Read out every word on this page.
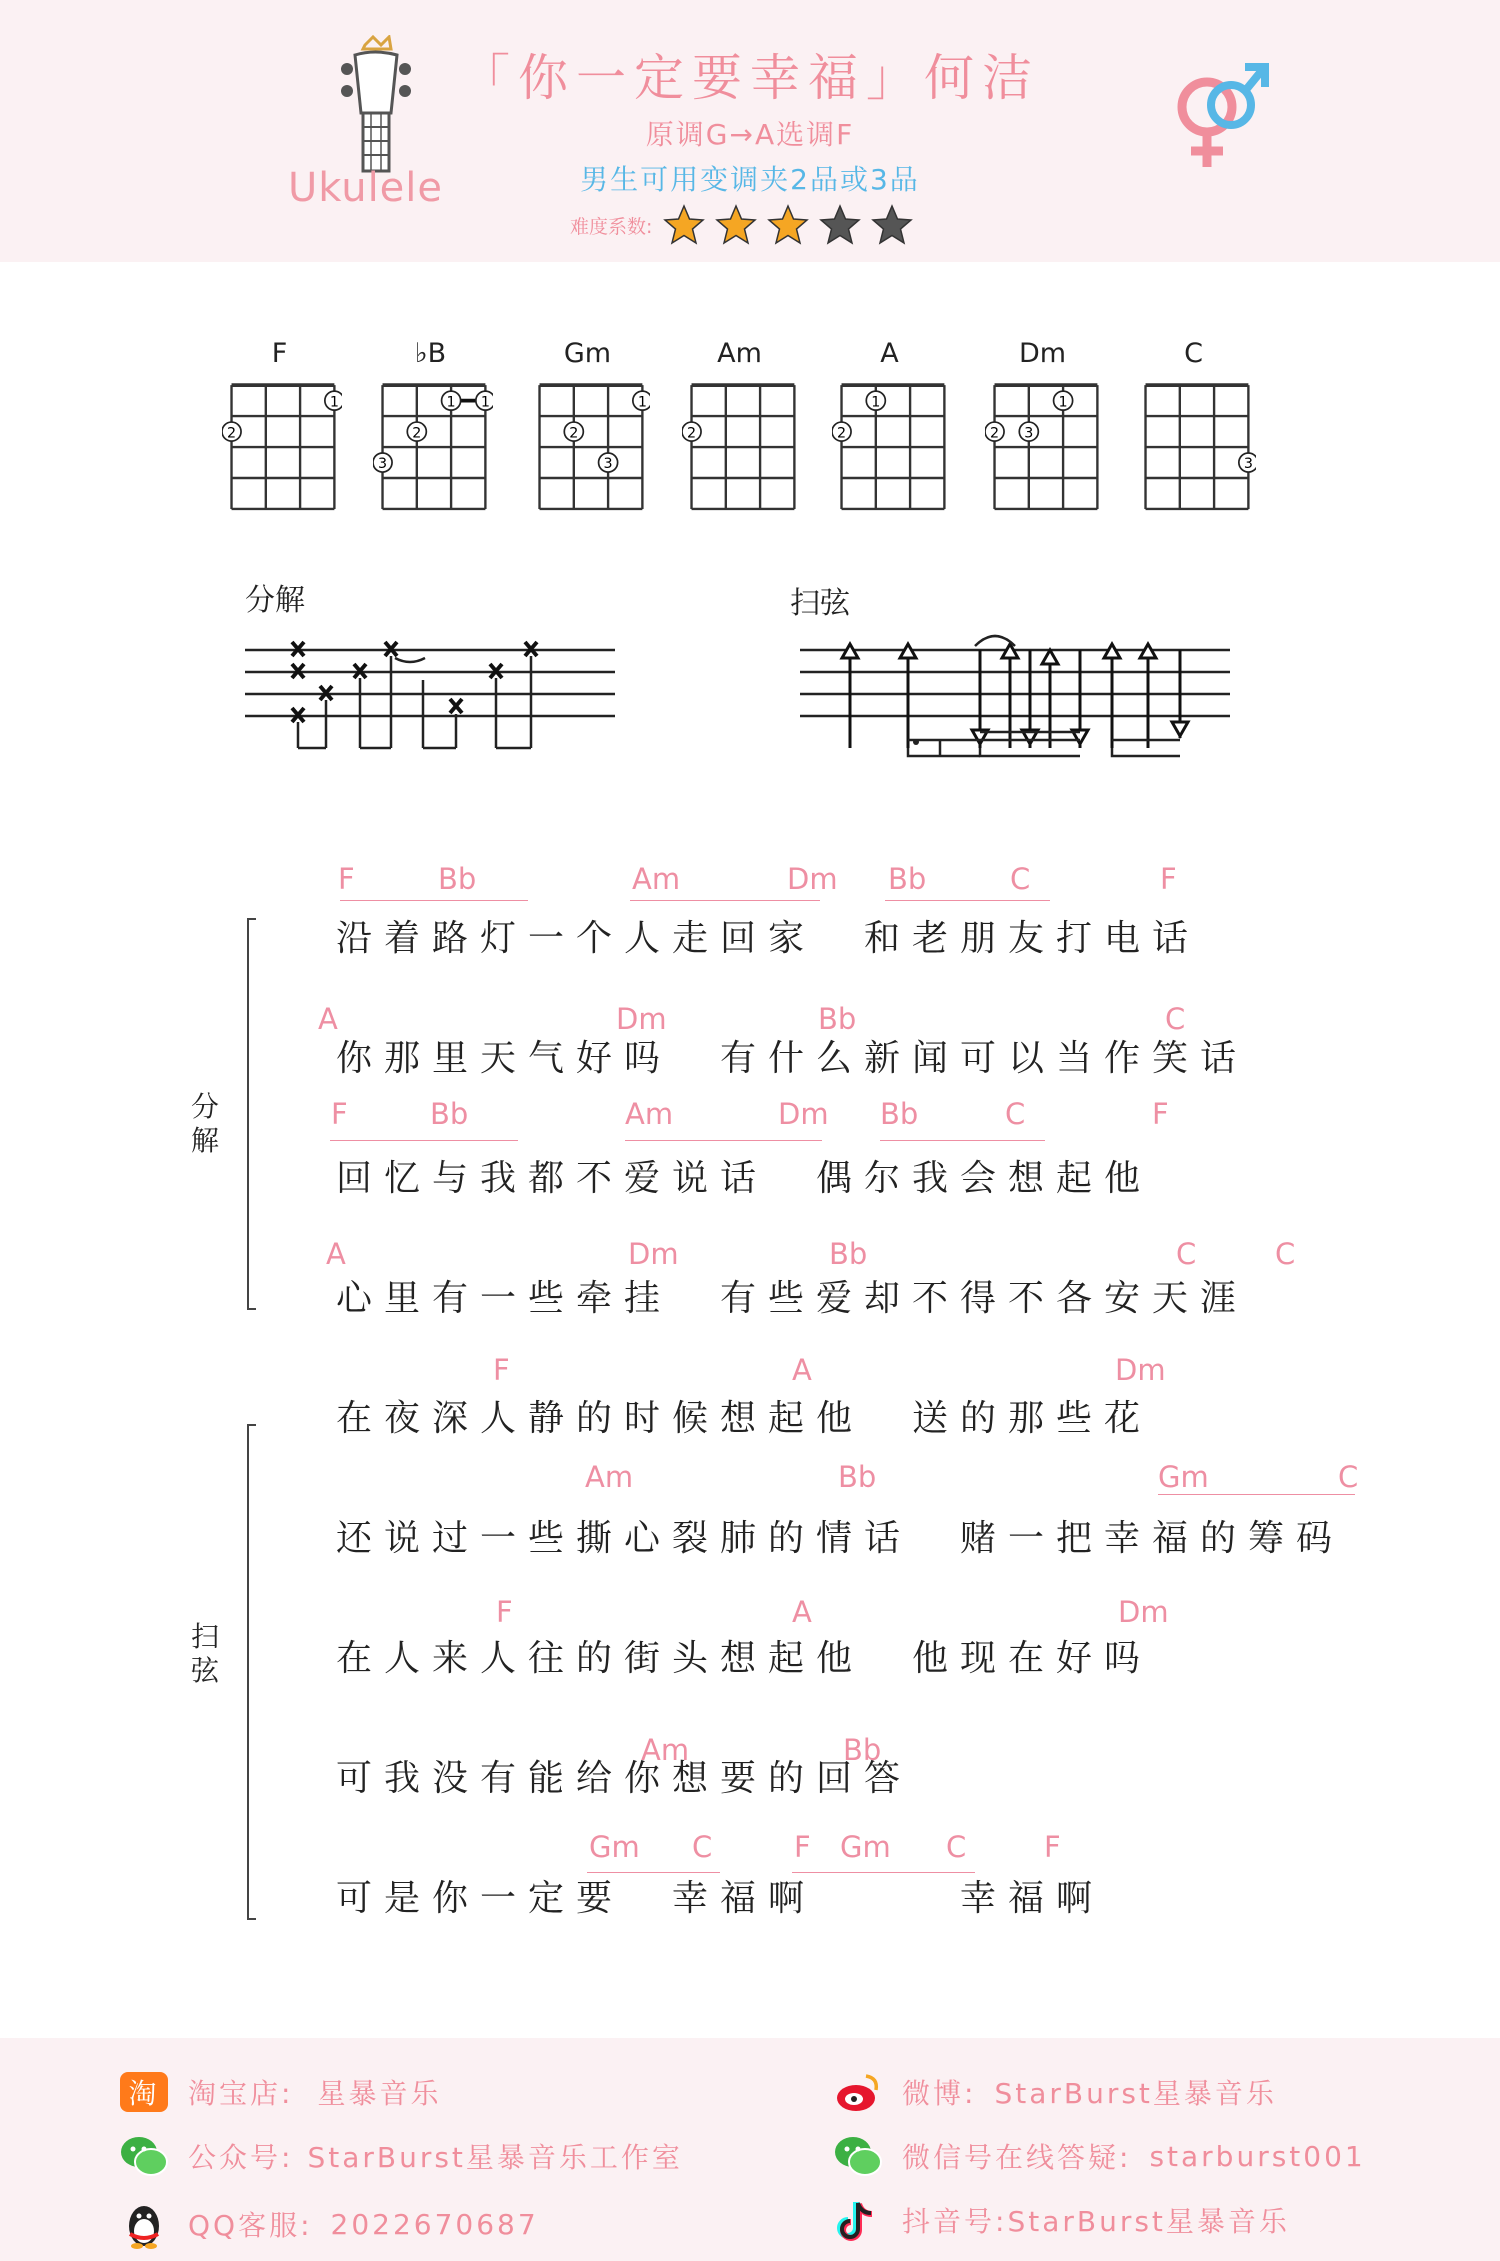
Ukulele
「你一定要幸福」何洁
原调G→A选调F
男生可用变调夹2品或3品
难度系数:
F
1
2
♭B
1
1
2
3
Gm
1
2
3
Am
2
A
1
2
Dm
1
2 3
C
3
分解	扫弦
分
解
扫
弦
沿着路灯一个人走回家　和老朋友打电话
F	Bb	Am	Dm Bb	C	F
你那里天气好吗　有什么新闻可以当作笑话
A	Dm	Bb	C
回忆与我都不爱说话　偶尔我会想起他
F	Bb	Am	Dm Bb	C	F
心里有一些牵挂　有些爱却不得不各安天涯
A	Dm	Bb	C	C
在夜深人静的时候想起他　送的那些花
F	A	Dm
还说过一些撕心裂肺的情话　赌一把幸福的筹码
Am	Bb	Gm	C
在人来人往的街头想起他　他现在好吗
F	A	Dm
可我没有能给你想要的回答
Am	Bb
可是你一定要　幸福啊　　　幸福啊
Gm C	F Gm C	F
淘 淘宝店: 星暴音乐
公众号: StarBurst星暴音乐工作室
QQ客服: 2022670687
微博: StarBurst星暴音乐
微信号在线答疑: starburst001
抖音号: StarBurst星暴音乐
